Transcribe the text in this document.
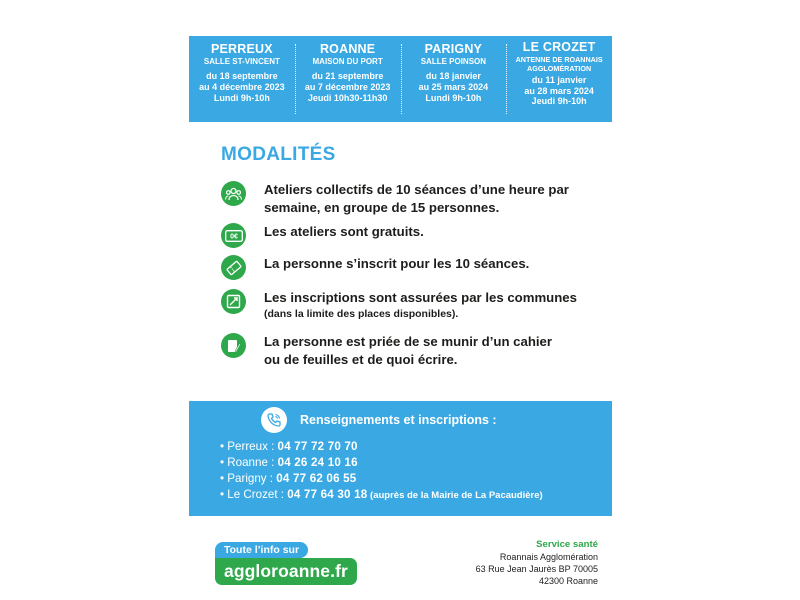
PERREUX
SALLE ST-VINCENT
du 18 septembre
au 4 décembre 2023
Lundi 9h-10h
ROANNE
MAISON DU PORT
du 21 septembre
au 7 décembre 2023
Jeudi 10h30-11h30
PARIGNY
SALLE POINSON
du 18 janvier
au 25 mars 2024
Lundi 9h-10h
LE CROZET
ANTENNE DE ROANNAIS
AGGLOMÉRATION
du 11 janvier
au 28 mars 2024
Jeudi 9h-10h
MODALITÉS
Ateliers collectifs de 10 séances d’une heure par
semaine, en groupe de 15 personnes.
0€ Les ateliers sont gratuits.
La personne s’inscrit pour les 10 séances.
Les inscriptions sont assurées par les communes
(dans la limite des places disponibles).
La personne est priée de se munir d’un cahier
ou de feuilles et de quoi écrire.
Renseignements et inscriptions :
• Perreux : 04 77 72 70 70
• Roanne : 04 26 24 10 16
• Parigny : 04 77 62 06 55
• Le Crozet : 04 77 64 30 18 (auprès de la Mairie de La Pacaudière)
Toute l’info sur
aggloroanne.fr
Service santé
Roannais Agglomération
63 Rue Jean Jaurès BP 70005
42300 Roanne
